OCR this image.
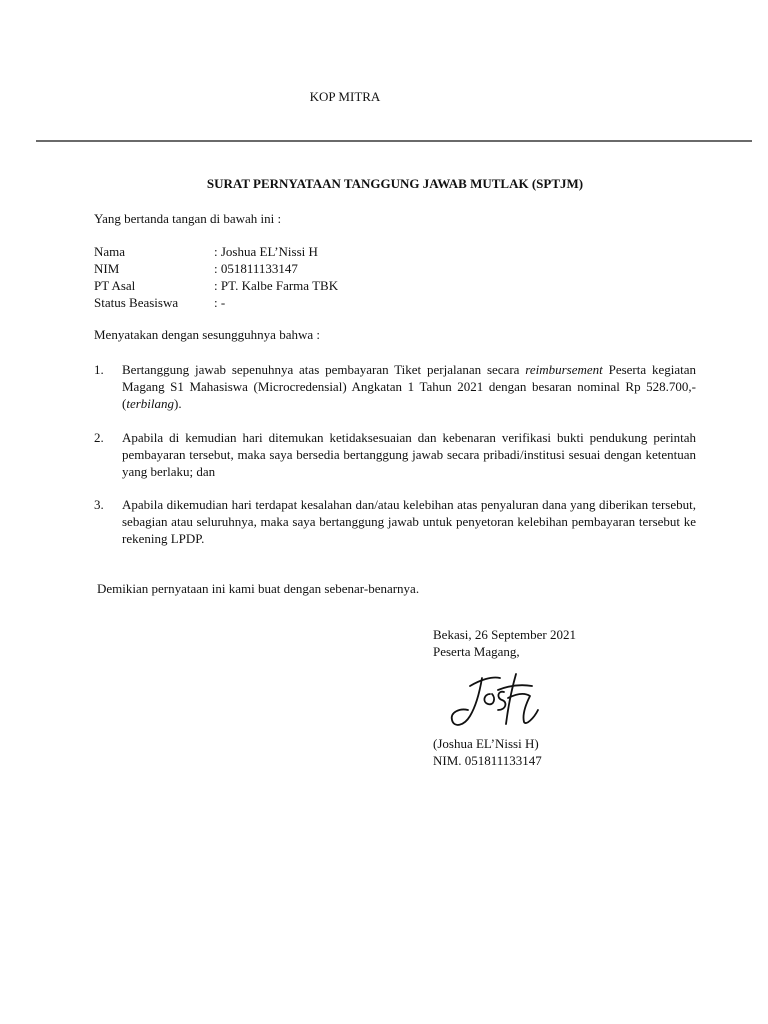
KOP MITRA
SURAT PERNYATAAN TANGGUNG JAWAB MUTLAK (SPTJM)
Yang bertanda tangan di bawah ini :
Nama	: Joshua EL’Nissi H
NIM	: 051811133147
PT Asal	: PT. Kalbe Farma TBK
Status Beasiswa	: -
Menyatakan dengan sesungguhnya bahwa :
1.	Bertanggung jawab sepenuhnya atas pembayaran Tiket perjalanan secara reimbursement Peserta kegiatan Magang S1 Mahasiswa (Microcredensial) Angkatan 1 Tahun 2021 dengan besaran nominal Rp 528.700,- (terbilang).
2.	Apabila di kemudian hari ditemukan ketidaksesuaian dan kebenaran verifikasi bukti pendukung perintah pembayaran tersebut, maka saya bersedia bertanggung jawab secara pribadi/institusi sesuai dengan ketentuan yang berlaku; dan
3.	Apabila dikemudian hari terdapat kesalahan dan/atau kelebihan atas penyaluran dana yang diberikan tersebut, sebagian atau seluruhnya, maka saya bertanggung jawab untuk penyetoran kelebihan pembayaran tersebut ke rekening LPDP.
Demikian pernyataan ini kami buat dengan sebenar-benarnya.
Bekasi, 26 September 2021
Peserta Magang,
(Joshua EL’Nissi H)
NIM. 051811133147
